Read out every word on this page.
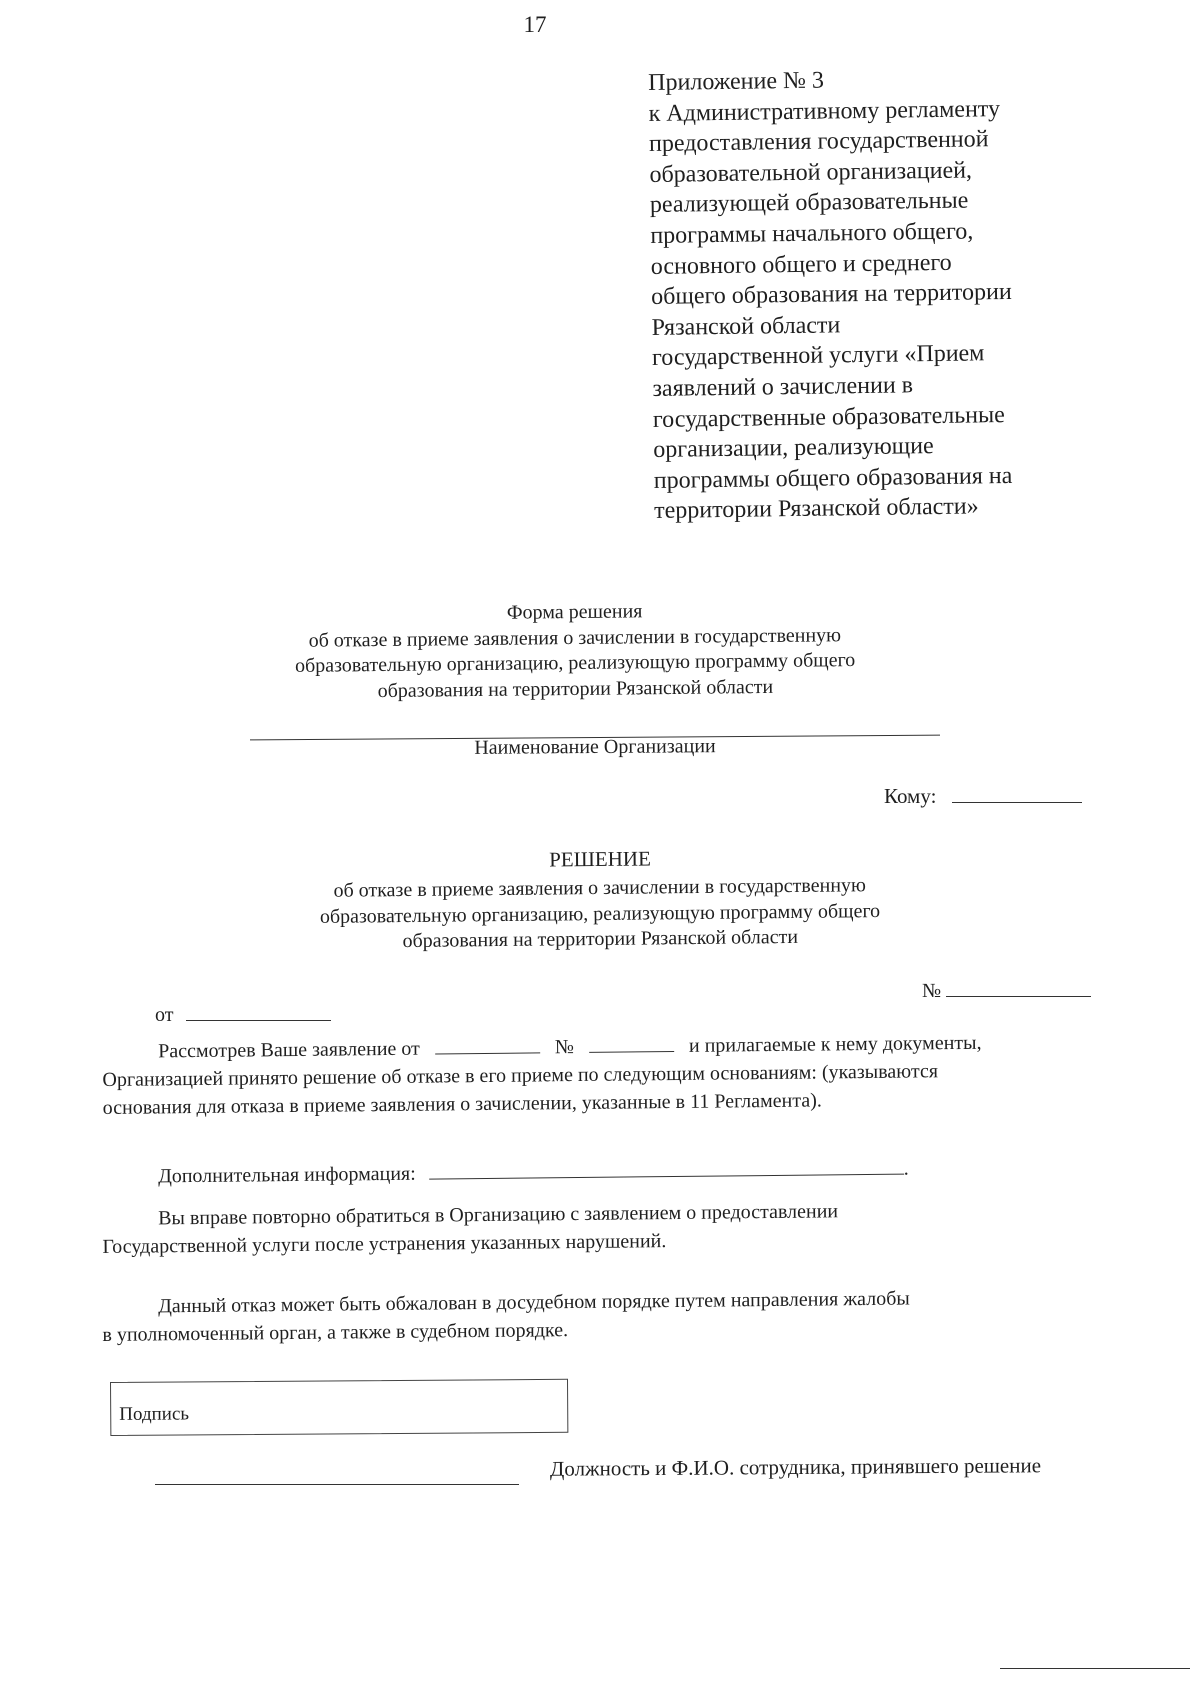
17
Приложение № 3
к Административному регламенту
предоставления государственной
образовательной организацией,
реализующей образовательные
программы начального общего,
основного общего и среднего
общего образования на территории
Рязанской области
государственной услуги «Прием
заявлений о зачислении в
государственные образовательные
организации, реализующие
программы общего образования на
территории Рязанской области»
Форма решения
об отказе в приеме заявления о зачислении в государственную
образовательную организацию, реализующую программу общего
образования на территории Рязанской области
Наименование Организации
Кому:
РЕШЕНИЕ
об отказе в приеме заявления о зачислении в государственную
образовательную организацию, реализующую программу общего
образования на территории Рязанской области
№
от
Рассмотрев Ваше заявление от	№	и прилагаемые к нему документы,
Организацией принято решение об отказе в его приеме по следующим основаниям: (указываются
основания для отказа в приеме заявления о зачислении, указанные в 11 Регламента).
Дополнительная информация:	.
Вы вправе повторно обратиться в Организацию с заявлением о предоставлении
Государственной услуги после устранения указанных нарушений.
Данный отказ может быть обжалован в досудебном порядке путем направления жалобы
в уполномоченный орган, а также в судебном порядке.
Подпись
Должность и Ф.И.О. сотрудника, принявшего решение
